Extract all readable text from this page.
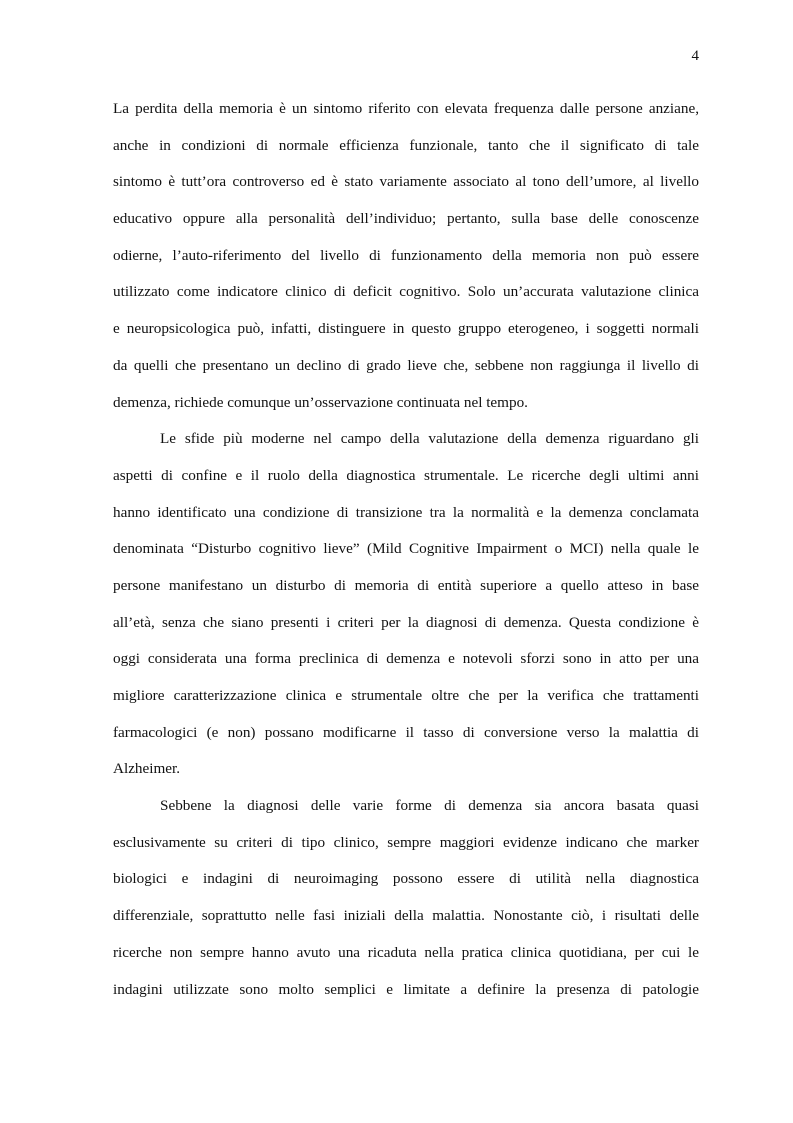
4

La perdita della memoria è un sintomo riferito con elevata frequenza dalle persone anziane,
anche in condizioni di normale efficienza funzionale, tanto che il significato di tale
sintomo è tutt’ora controverso ed è stato variamente associato al tono dell’umore, al livello
educativo oppure alla personalità dell’individuo; pertanto, sulla base delle conoscenze
odierne, l’auto-riferimento del livello di funzionamento della memoria non può essere
utilizzato come indicatore clinico di deficit cognitivo. Solo un’accurata valutazione clinica
e neuropsicologica può, infatti, distinguere in questo gruppo eterogeneo, i soggetti normali
da quelli che presentano un declino di grado lieve che, sebbene non raggiunga il livello di
demenza, richiede comunque un’osservazione continuata nel tempo.

Le sfide più moderne nel campo della valutazione della demenza riguardano gli
aspetti di confine e il ruolo della diagnostica strumentale. Le ricerche degli ultimi anni
hanno identificato una condizione di transizione tra la normalità e la demenza conclamata
denominata “Disturbo cognitivo lieve” (Mild Cognitive Impairment o MCI) nella quale le
persone manifestano un disturbo di memoria di entità superiore a quello atteso in base
all’età, senza che siano presenti i criteri per la diagnosi di demenza. Questa condizione è
oggi considerata una forma preclinica di demenza e notevoli sforzi sono in atto per una
migliore caratterizzazione clinica e strumentale oltre che per la verifica che trattamenti
farmacologici (e non) possano modificarne il tasso di conversione verso la malattia di
Alzheimer.

Sebbene la diagnosi delle varie forme di demenza sia ancora basata quasi
esclusivamente su criteri di tipo clinico, sempre maggiori evidenze indicano che marker
biologici e indagini di neuroimaging possono essere di utilità nella diagnostica
differenziale, soprattutto nelle fasi iniziali della malattia. Nonostante ciò, i risultati delle
ricerche non sempre hanno avuto una ricaduta nella pratica clinica quotidiana, per cui le
indagini utilizzate sono molto semplici e limitate a definire la presenza di patologie
